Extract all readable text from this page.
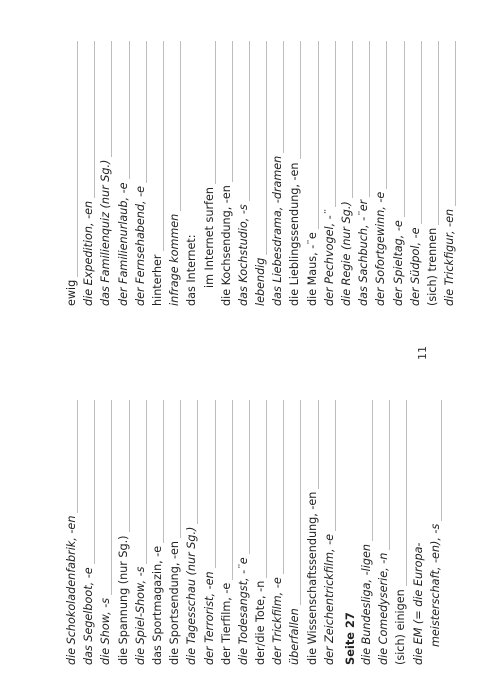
die Schokoladenfabrik, -en das Segelboot, -e die Show, -s die Spannung (nur Sg.) die Spiel-Show, -s das Sportmagazin, -e die Sportsendung, -en die Tagesschau (nur Sg.) der Terrorist, -en der Tierfilm, -e die Todesangst, -¨e der/die Tote, -n der Trickfilm, -e überfallen die Wissenschaftssendung, -en der Zeichentrickfilm, -e Seite 27 die Bundesliga, -ligen die Comedyserie, -n (sich) einigen die EM (= die Europa- meisterschaft, -en), -s
ewig die Expedition, -en das Familienquiz (nur Sg.) der Familienurlaub, -e der Fernsehabend, -e hinterher infrage kommen das Internet: im Internet surfen die Kochsendung, -en das Kochstudio, -s lebendig das Liebesdrama, -dramen die Lieblingssendung, -en die Maus, -¨e der Pechvogel, -¨ die Regie (nur Sg.) das Sachbuch, -¨er der Sofortgewinn, -e der Spieltag, -e der Südpol, -e (sich) trennen die Trickfigur, -en
11
